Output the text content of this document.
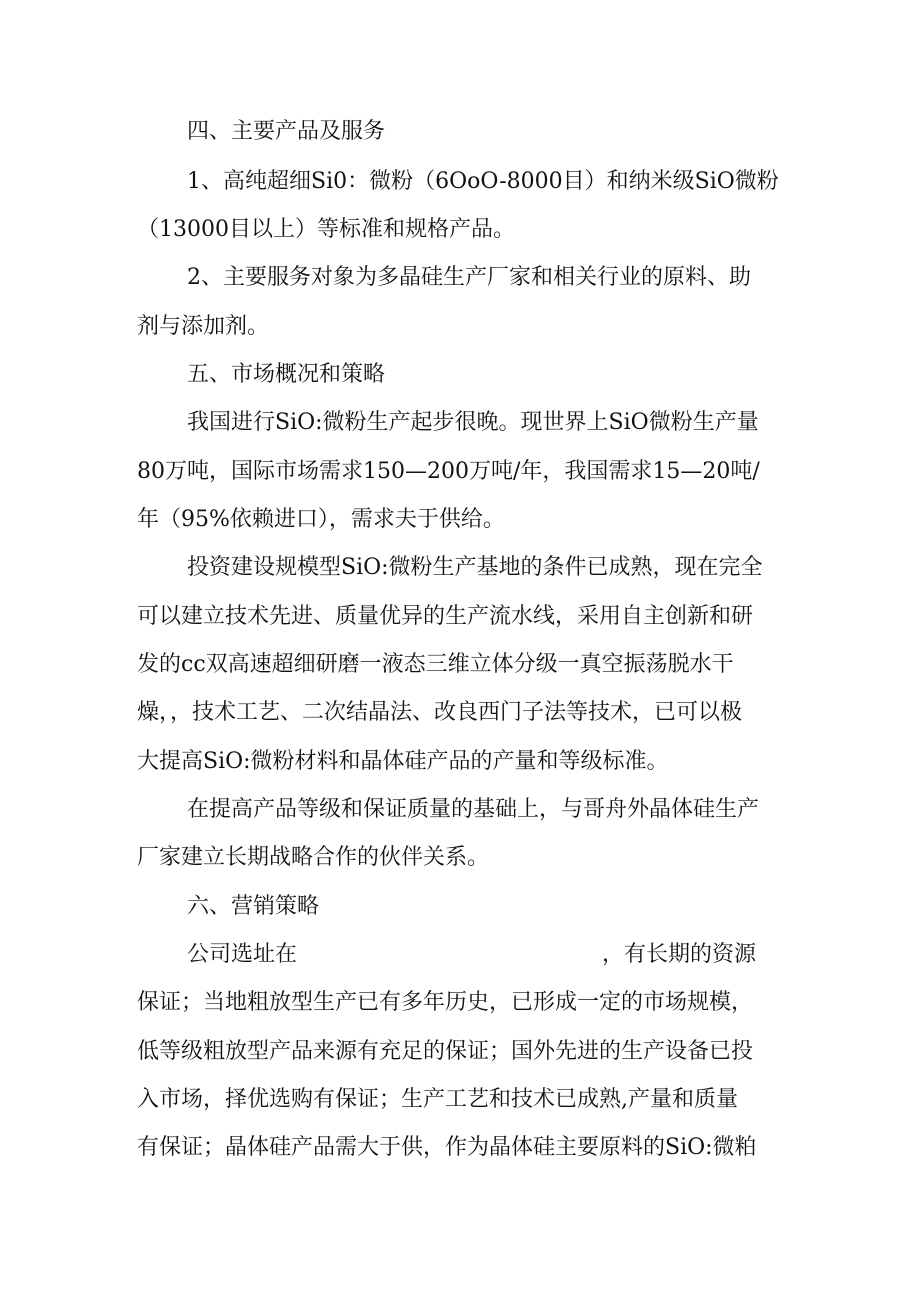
四、主要产品及服务
1、高纯超细Si0：微粉（6OoO-8000目）和纳米级SiO微粉
（13000目以上）等标准和规格产品。
2、主要服务对象为多晶硅生产厂家和相关行业的原料、助
剂与添加剂。
五、市场概况和策略
我国进行SiO:微粉生产起步很晚。现世界上SiO微粉生产量
80万吨，国际市场需求150—200万吨/年，我国需求15—20吨/
年（95%依赖进口），需求夫于供给。
投资建设规模型SiO:微粉生产基地的条件已成熟，现在完全
可以建立技术先进、质量优异的生产流水线，采用自主创新和研
发的cc双高速超细研磨一液态三维立体分级一真空振荡脱水干
燥，，技术工艺、二次结晶法、改良西门子法等技术，已可以极
大提高SiO:微粉材料和晶体硅产品的产量和等级标准。
在提高产品等级和保证质量的基础上，与哥舟外晶体硅生产
厂家建立长期战略合作的伙伴关系。
六、营销策略
公司选址在	，有长期的资源
保证；当地粗放型生产已有多年历史，已形成一定的市场规模，
低等级粗放型产品来源有充足的保证；国外先进的生产设备已投
入市场，择优选购有保证；生产工艺和技术已成熟,产量和质量
有保证；晶体硅产品需大于供，作为晶体硅主要原料的SiO:微粕
